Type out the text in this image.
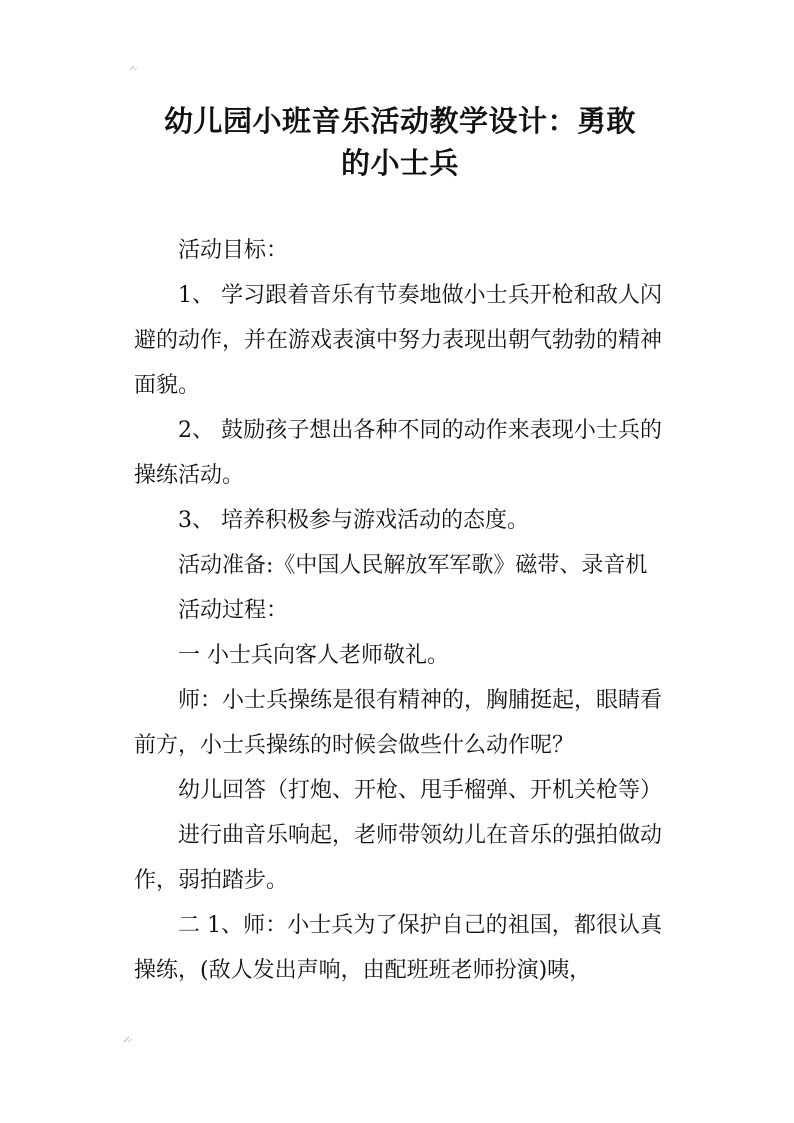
幼儿园小班音乐活动教学设计：勇敢
的小士兵

活动目标：

1、 学习跟着音乐有节奏地做小士兵开枪和敌人闪避的动作，并在游戏表演中努力表现出朝气勃勃的精神面貌。

2、 鼓励孩子想出各种不同的动作来表现小士兵的操练活动。

3、 培养积极参与游戏活动的态度。

活动准备:《中国人民解放军军歌》磁带、录音机

活动过程：

一 小士兵向客人老师敬礼。

师：小士兵操练是很有精神的，胸脯挺起，眼睛看前方，小士兵操练的时候会做些什么动作呢？

幼儿回答（打炮、开枪、甩手榴弹、开机关枪等）

进行曲音乐响起，老师带领幼儿在音乐的强拍做动作，弱拍踏步。

二 1、师：小士兵为了保护自己的祖国，都很认真操练，(敌人发出声响，由配班班老师扮演)咦，
